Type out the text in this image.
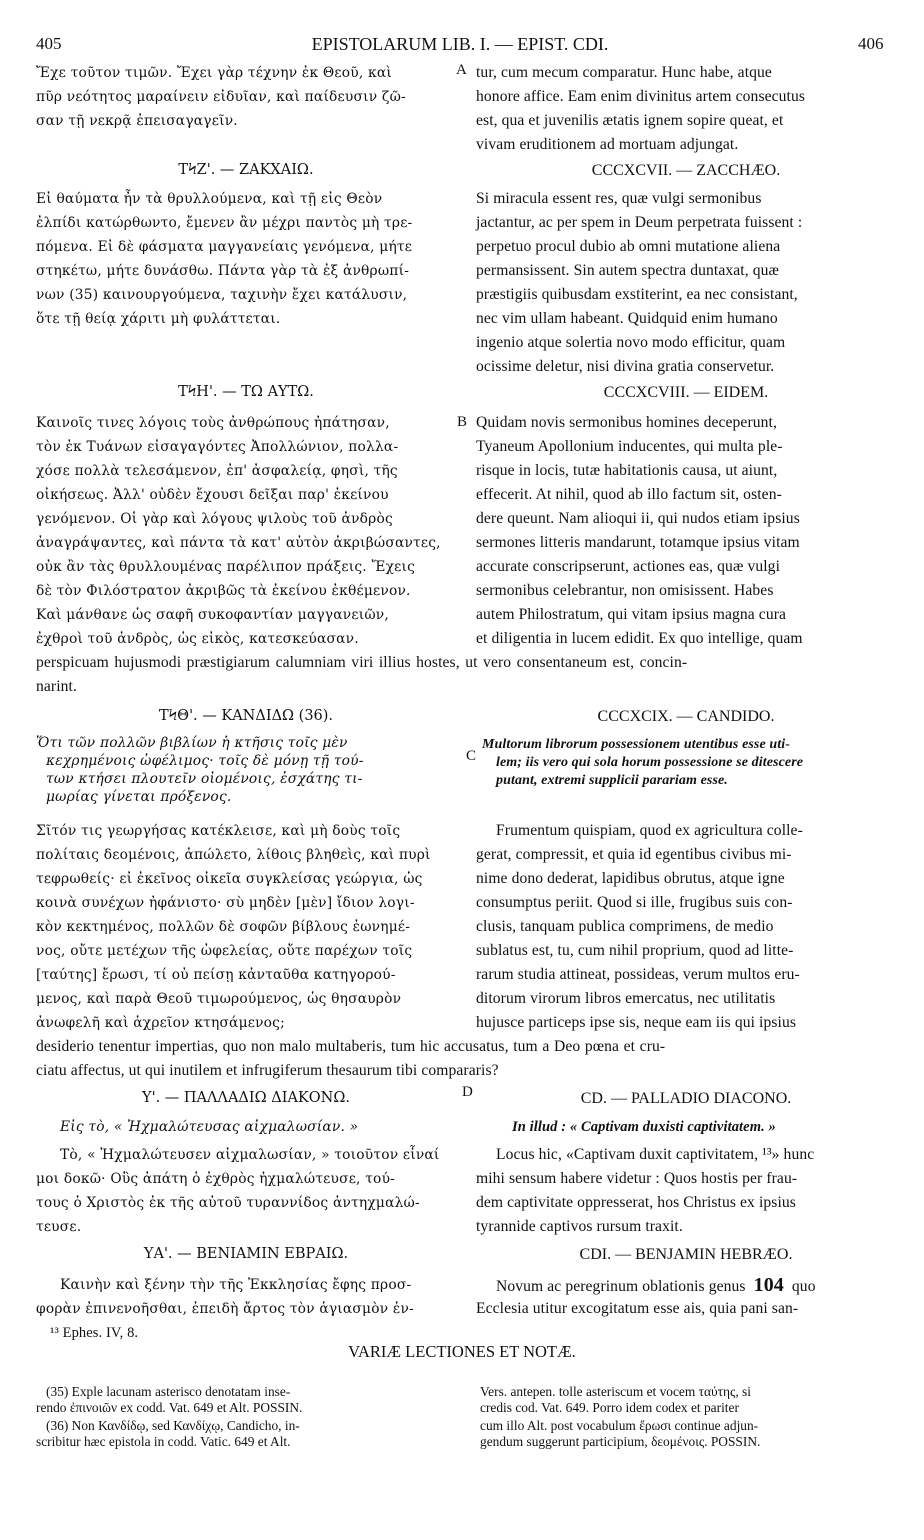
405	EPISTOLARUM LIB. I. — EPIST. CDI.	406
A
B
C
D
Ἔχε τοῦτον τιμῶν. Ἔχει γὰρ τέχνην ἐκ Θεοῦ, καὶ
πῦρ νεότητος μαραίνειν εἰδυῖαν, καὶ παίδευσιν ζῶ-
σαν τῇ νεκρᾷ ἐπεισαγαγεῖν.
tur, cum mecum comparatur. Hunc habe, atque
honore affice. Eam enim divinitus artem consecutus
est, qua et juvenilis ætatis ignem sopire queat, et
vivam eruditionem ad mortuam adjungat.
ΤϞΖ'. — ΖΑΚΧΑΙΩ.	CCCXCVII. — ZACCHÆO.
Εἰ θαύματα ἦν τὰ θρυλλούμενα, καὶ τῇ εἰς Θεὸν
ἐλπίδι κατώρθωντο, ἔμενεν ἂν μέχρι παντὸς μὴ τρε-
πόμενα. Εἰ δὲ φάσματα μαγγανείαις γενόμενα, μήτε
στηκέτω, μήτε δυνάσθω. Πάντα γὰρ τὰ ἐξ ἀνθρωπί-
νων (35) καινουργούμενα, ταχινὴν ἔχει κατάλυσιν,
ὅτε τῇ θείᾳ χάριτι μὴ φυλάττεται.
Si miracula essent res, quæ vulgi sermonibus
jactantur, ac per spem in Deum perpetrata fuissent :
perpetuo procul dubio ab omni mutatione aliena
permansissent. Sin autem spectra duntaxat, quæ
præstigiis quibusdam exstiterint, ea nec consistant,
nec vim ullam habeant. Quidquid enim humano
ingenio atque solertia novo modo efficitur, quam
ocissime deletur, nisi divina gratia conservetur.
ΤϞΗ'. — ΤΩ ΑΥΤΩ.	CCCXCVIII. — EIDEM.
Καινοῖς τινες λόγοις τοὺς ἀνθρώπους ἠπάτησαν,
τὸν ἐκ Τυάνων εἰσαγαγόντες Ἀπολλώνιον, πολλα-
χόσε πολλὰ τελεσάμενον, ἐπ' ἀσφαλείᾳ, φησὶ, τῆς
οἰκήσεως. Ἀλλ' οὐδὲν ἔχουσι δεῖξαι παρ' ἐκείνου
γενόμενον. Οἱ γὰρ καὶ λόγους ψιλοὺς τοῦ ἀνδρὸς
ἀναγράψαντες, καὶ πάντα τὰ κατ' αὐτὸν ἀκριβώσαντες,
οὐκ ἂν τὰς θρυλλουμένας παρέλιπον πράξεις. Ἔχεις
δὲ τὸν Φιλόστρατον ἀκριβῶς τὰ ἐκείνου ἐκθέμενον.
Καὶ μάνθανε ὡς σαφῆ συκοφαντίαν μαγγανειῶν,
ἐχθροὶ τοῦ ἀνδρὸς, ὡς εἰκὸς, κατεσκεύασαν.
Quidam novis sermonibus homines deceperunt,
Tyaneum Apollonium inducentes, qui multa ple-
risque in locis, tutæ habitationis causa, ut aiunt,
effecerit. At nihil, quod ab illo factum sit, osten-
dere queunt. Nam alioqui ii, qui nudos etiam ipsius
sermones litteris mandarunt, totamque ipsius vitam
accurate conscripserunt, actiones eas, quæ vulgi
sermonibus celebrantur, non omisissent. Habes
autem Philostratum, qui vitam ipsius magna cura
et diligentia in lucem edidit. Ex quo intellige, quam
perspicuam hujusmodi præstigiarum calumniam viri illius hostes, ut vero consentaneum est, concin-
narint.
ΤϞΘ'. — ΚΑΝΔΙΔΩ (36).	CCCXCIX. — CANDIDO.
Ὅτι τῶν πολλῶν βιβλίων ἡ κτῆσις τοῖς μὲν
κεχρημένοις ὠφέλιμος· τοῖς δὲ μόνῃ τῇ τού-
των κτήσει πλουτεῖν οἰομένοις, ἐσχάτης τι-
μωρίας γίνεται πρόξενος.
Multorum librorum possessionem utentibus esse uti-
lem; iis vero qui sola horum possessione se ditescere
putant, extremi supplicii parariam esse.
Σῖτόν τις γεωργήσας κατέκλεισε, καὶ μὴ δοὺς τοῖς
πολίταις δεομένοις, ἀπώλετο, λίθοις βληθεὶς, καὶ πυρὶ
τεφρωθείς· εἰ ἐκεῖνος οἰκεῖα συγκλείσας γεώργια, ὡς
κοινὰ συνέχων ἠφάνιστο· σὺ μηδὲν [μὲν] ἴδιον λογι-
κὸν κεκτημένος, πολλῶν δὲ σοφῶν βίβλους ἐωνημέ-
νος, οὔτε μετέχων τῆς ὠφελείας, οὔτε παρέχων τοῖς
[ταύτης] ἔρωσι, τί οὐ πείσῃ κἀνταῦθα κατηγορού-
μενος, καὶ παρὰ Θεοῦ τιμωρούμενος, ὡς θησαυρὸν
ἀνωφελῆ καὶ ἀχρεῖον κτησάμενος;
Frumentum quispiam, quod ex agricultura colle-
gerat, compressit, et quia id egentibus civibus mi-
nime dono dederat, lapidibus obrutus, atque igne
consumptus periit. Quod si ille, frugibus suis con-
clusis, tanquam publica comprimens, de medio
sublatus est, tu, cum nihil proprium, quod ad litte-
rarum studia attineat, possideas, verum multos eru-
ditorum virorum libros emercatus, nec utilitatis
hujusce particeps ipse sis, neque eam iis qui ipsius
desiderio tenentur impertias, quo non malo multaberis, tum hic accusatus, tum a Deo pœna et cru-
ciatu affectus, ut qui inutilem et infrugiferum thesaurum tibi compararis?
Υ'. — ΠΑΛΛΑΔΙΩ ΔΙΑΚΟΝΩ.	CD. — PALLADIO DIACONO.
Εἰς τὸ, « Ἠχμαλώτευσας αἰχμαλωσίαν. »	In illud : « Captivam duxisti captivitatem. »
Τὸ, « Ἠχμαλώτευσεν αἰχμαλωσίαν, » τοιοῦτον εἶναί
μοι δοκῶ· Οὓς ἀπάτη ὁ ἐχθρὸς ἠχμαλώτευσε, τού-
τους ὁ Χριστὸς ἐκ τῆς αὐτοῦ τυραννίδος ἀντηχμαλώ-
τευσε.
Locus hic, «Captivam duxit captivitatem, ¹³» hunc
mihi sensum habere videtur : Quos hostis per frau-
dem captivitate oppresserat, hos Christus ex ipsius
tyrannide captivos rursum traxit.
ΥΑ'. — ΒΕΝΙΑΜΙΝ ΕΒΡΑΙΩ.	CDI. — BENJAMIN HEBRÆO.
Καινὴν καὶ ξένην τὴν τῆς Ἐκκλησίας ἔφης προσ-
φορὰν ἐπινενοῆσθαι, ἐπειδὴ ἄρτος τὸν ἁγιασμὸν ἐν-
Novum ac peregrinum oblationis genus 104 quo
Ecclesia utitur excogitatum esse ais, quia pani san-
¹³ Ephes. IV, 8.
VARIÆ LECTIONES ET NOTÆ.
(35) Exple lacunam asterisco denotatam inse-
rendo ἐπινοιῶν ex codd. Vat. 649 et Alt. POSSIN.
(36) Non Κανδίδῳ, sed Κανδίχῳ, Candicho, in-
scribitur hæc epistola in codd. Vatic. 649 et Alt.
Vers. antepen. tolle asteriscum et vocem ταύτης, si
credis cod. Vat. 649. Porro idem codex et pariter
cum illo Alt. post vocabulum ἔρωσι continue adjun-
gendum suggerunt participium, δεομένοις. POSSIN.
